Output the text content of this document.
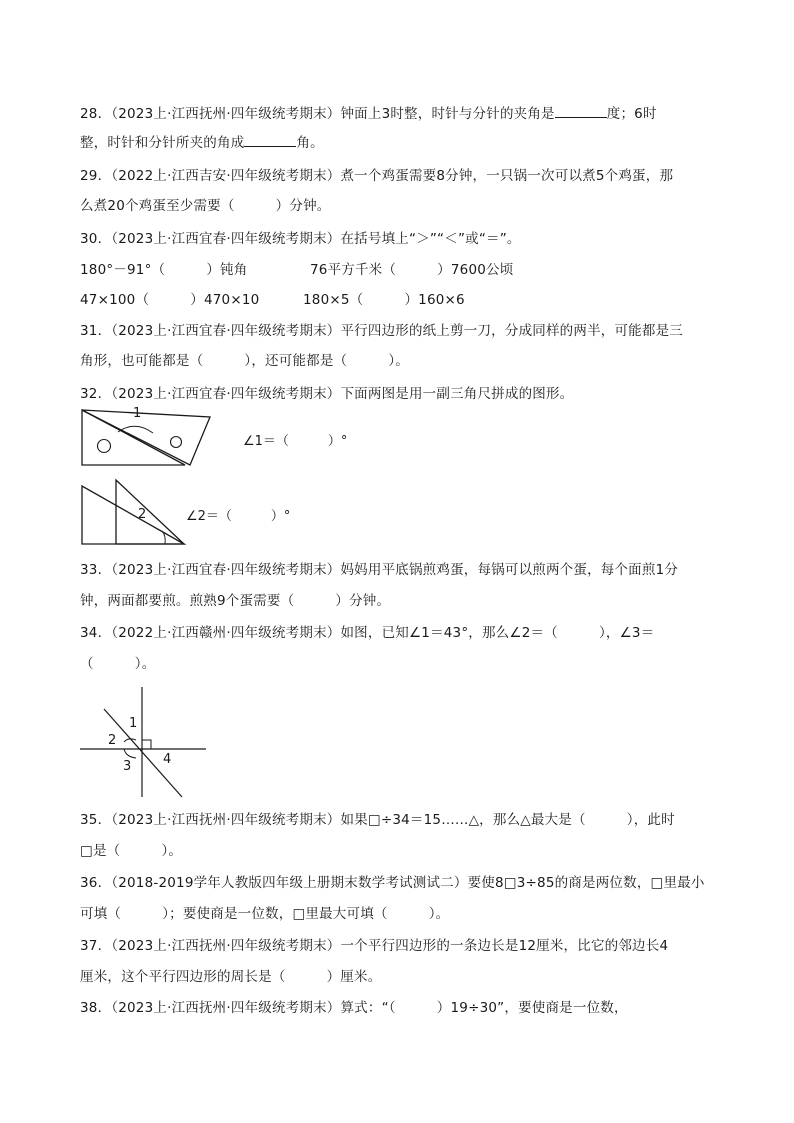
28．（2023上·江西抚州·四年级统考期末）钟面上3时整，时针与分针的夹角是	度；6时
整，时针和分针所夹的角成	角。
29．（2022上·江西吉安·四年级统考期末）煮一个鸡蛋需要8分钟，一只锅一次可以煮5个鸡蛋，那
么煮20个鸡蛋至少需要（　　　）分钟。
30．（2023上·江西宜春·四年级统考期末）在括号填上“＞”“＜”或“＝”。
180°－91°（　　　）钝角	76平方千米（　　　）7600公顷
47×100（　　　）470×10	180×5（　　　）160×6
31．（2023上·江西宜春·四年级统考期末）平行四边形的纸上剪一刀，分成同样的两半，可能都是三
角形，也可能都是（　　　），还可能都是（　　　）。
32．（2023上·江西宜春·四年级统考期末）下面两图是用一副三角尺拼成的图形。
1
∠1＝（　　　）°
2	∠2＝（　　　）°
33．（2023上·江西宜春·四年级统考期末）妈妈用平底锅煎鸡蛋，每锅可以煎两个蛋，每个面煎1分
钟，两面都要煎。煎熟9个蛋需要（　　　）分钟。
34．（2022上·江西赣州·四年级统考期末）如图，已知∠1＝43°，那么∠2＝（　　　），∠3＝
（　　　）。
1
2
3 4
35．（2023上·江西抚州·四年级统考期末）如果□÷34＝15……△，那么△最大是（　　　），此时
□是（　　　）。
36．（2018-2019学年人教版四年级上册期末数学考试测试二）要使8□3÷85的商是两位数，□里最小
可填（　　　）；要使商是一位数，□里最大可填（　　　）。
37．（2023上·江西抚州·四年级统考期末）一个平行四边形的一条边长是12厘米，比它的邻边长4
厘米，这个平行四边形的周长是（　　　）厘米。
38．（2023上·江西抚州·四年级统考期末）算式：“（　　　）19÷30”，要使商是一位数，
